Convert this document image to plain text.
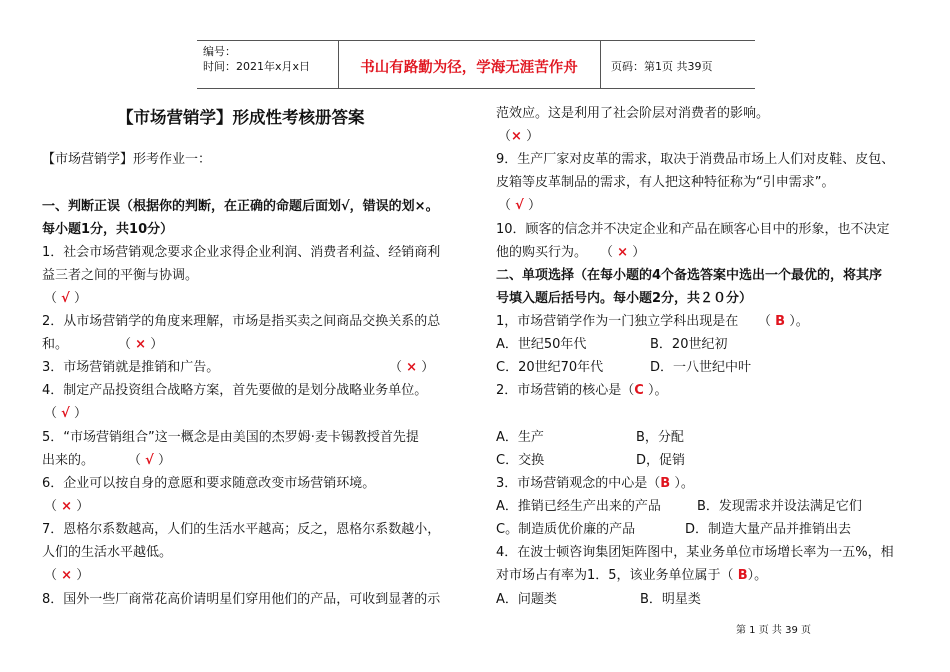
编号：
时间：2021年x月x日	书山有路勤为径，学海无涯苦作舟	页码：第1页 共39页
【市场营销学】形成性考核册答案
【市场营销学】形考作业一：
一、判断正误（根据你的判断，在正确的命题后面划√，错误的划×。
每小题1分，共10分）
1．社会市场营销观念要求企业求得企业利润、消费者利益、经销商利
益三者之间的平衡与协调。
（ √ ）
2．从市场营销学的角度来理解，市场是指买卖之间商品交换关系的总
和。	（ × ）
3．市场营销就是推销和广告。	（ × ）
4．制定产品投资组合战略方案，首先要做的是划分战略业务单位。
（ √ ）
5．“市场营销组合”这一概念是由美国的杰罗姆·麦卡锡教授首先提
出来的。	（ √ ）
6．企业可以按自身的意愿和要求随意改变市场营销环境。
（ × ）
7．恩格尔系数越高，人们的生活水平越高；反之，恩格尔系数越小，
人们的生活水平越低。
（ × ）
8．国外一些厂商常花高价请明星们穿用他们的产品，可收到显著的示
范效应。这是利用了社会阶层对消费者的影响。
（× ）
9．生产厂家对皮革的需求，取决于消费品市场上人们对皮鞋、皮包、
皮箱等皮革制品的需求，有人把这种特征称为“引申需求”。
（ √ ）
10．顾客的信念并不决定企业和产品在顾客心目中的形象，也不决定
他的购买行为。 （ × ）
二、单项选择（在每小题的4个备选答案中选出一个最优的，将其序
号填入题后括号内。每小题2分，共２０分）
1，市场营销学作为一门独立学科出现是在 （ B ）。
A．世纪50年代	B．20世纪初
C．20世纪70年代	D．一八世纪中叶
2．市场营销的核心是（C ）。
A．生产	B，分配
C．交换	D，促销
3．市场营销观念的中心是（B ）。
A．推销已经生产出来的产品	B．发现需求并设法满足它们
C。制造质优价廉的产品	D．制造大量产品并推销出去
4．在波士顿咨询集团矩阵图中，某业务单位市场增长率为一五%，相
对市场占有率为1．5，该业务单位属于（ B）。
A．问题类	B．明星类
第 1 页 共 39 页
